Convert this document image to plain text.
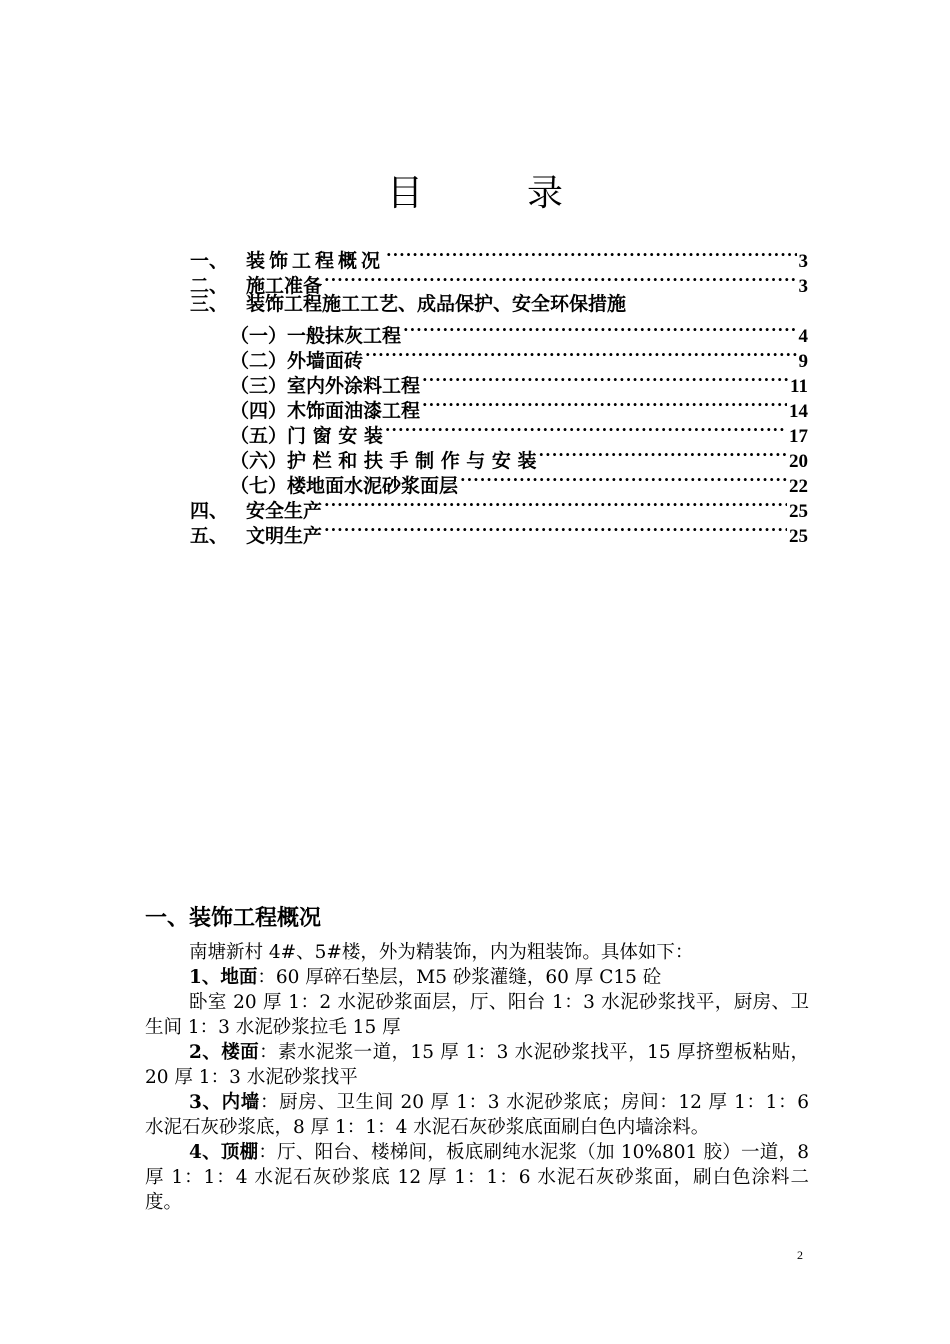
目	录
一、 装饰工程概况 ·····	3
二、 施工准备 ·····	3
三、 装饰工程施工工艺、成品保护、安全环保措施
（一）一般抹灰工程 ·····	4
（二）外墙面砖 ·····	9
（三）室内外涂料工程 ·····	11
（四）木饰面油漆工程 ·····	14
（五）门 窗 安 装 ·····	17
（六）护 栏 和 扶 手 制 作 与 安 装 ·····	20
（七）楼地面水泥砂浆面层 ·····	22
四、 安全生产 ·····	25
五、 文明生产 ·····	25
一、装饰工程概况

南塘新村 4#、5#楼，外为精装饰，内为粗装饰。具体如下：

1、地面：60 厚碎石垫层，M5 砂浆灌缝，60 厚 C15 砼

卧室 20 厚 1：2 水泥砂浆面层，厅、阳台 1：3 水泥砂浆找平，厨房、卫生间 1：3 水泥砂浆拉毛 15 厚

2、楼面：素水泥浆一道，15 厚 1：3 水泥砂浆找平，15 厚挤塑板粘贴，20 厚 1：3 水泥砂浆找平

3、内墙：厨房、卫生间 20 厚 1：3 水泥砂浆底；房间：12 厚 1：1：6 水泥石灰砂浆底，8 厚 1：1：4 水泥石灰砂浆底面刷白色内墙涂料。

4、顶棚：厅、阳台、楼梯间，板底刷纯水泥浆（加 10%801 胶）一道，8 厚 1：1：4 水泥石灰砂浆底 12 厚 1：1：6 水泥石灰砂浆面，刷白色涂料二度。

2
